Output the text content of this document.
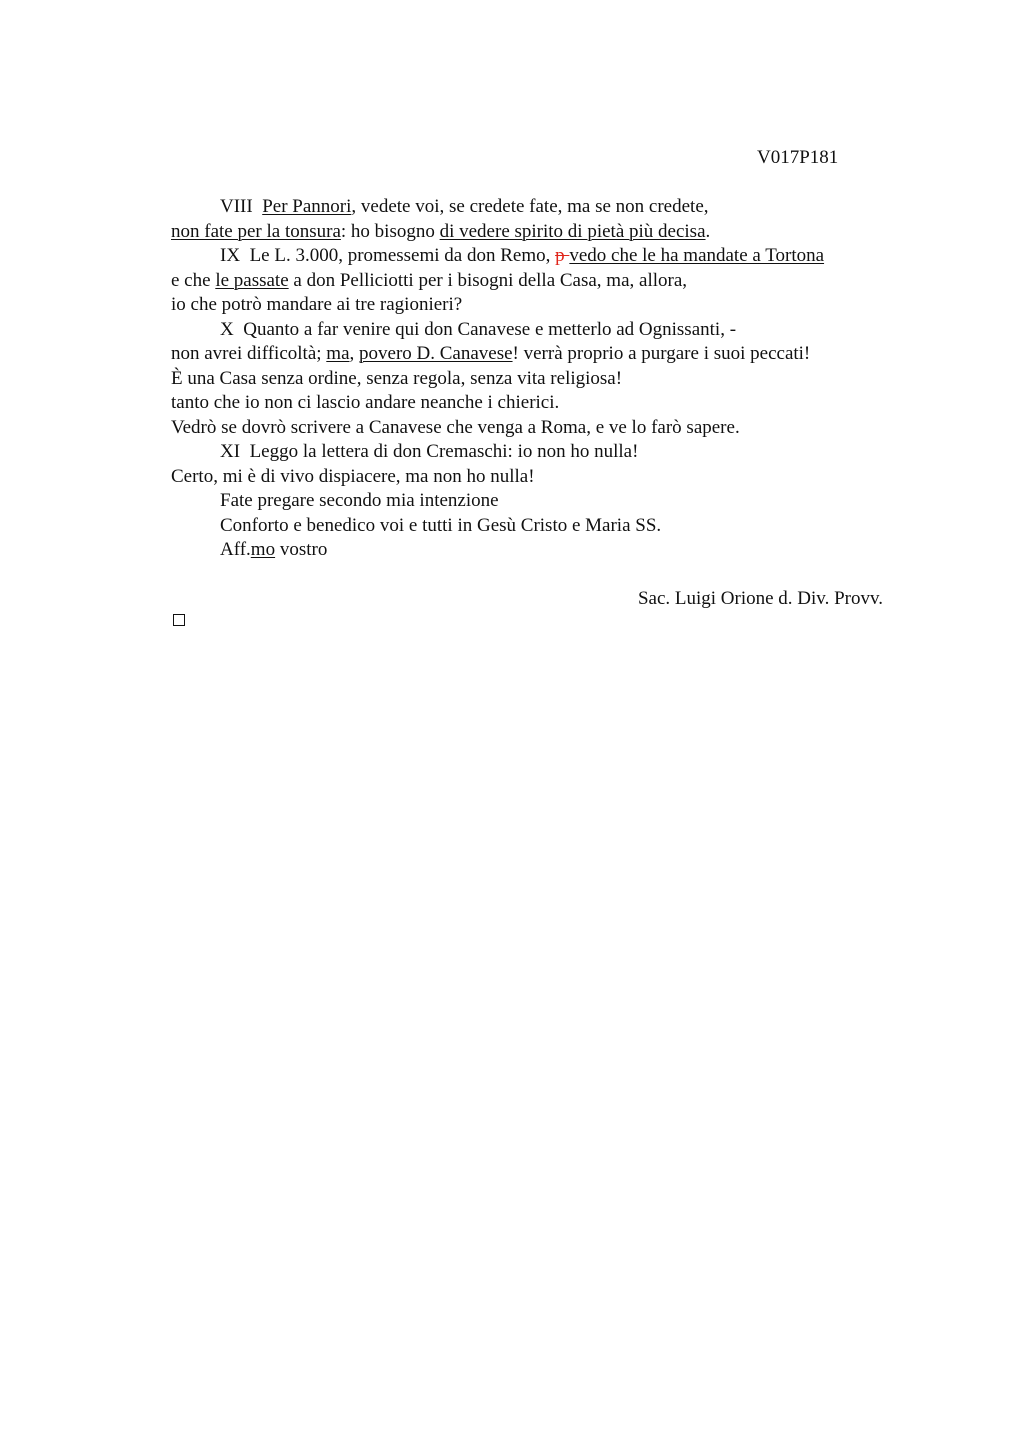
V017P181
VIII Per Pannori, vedete voi, se credete fate, ma se non credete,
non fate per la tonsura: ho bisogno di vedere spirito di pietà più decisa.
IX Le L. 3.000, promessemi da don Remo, p vedo che le ha mandate a Tortona
e che le passate a don Pelliciotti per i bisogni della Casa, ma, allora,
io che potrò mandare ai tre ragionieri?
X Quanto a far venire qui don Canavese e metterlo ad Ognissanti, -
non avrei difficoltà; ma, povero D. Canavese! verrà proprio a purgare i suoi peccati!
È una Casa senza ordine, senza regola, senza vita religiosa!
tanto che io non ci lascio andare neanche i chierici.
Vedrò se dovrò scrivere a Canavese che venga a Roma, e ve lo farò sapere.
XI Leggo la lettera di don Cremaschi: io non ho nulla!
Certo, mi è di vivo dispiacere, ma non ho nulla!
Fate pregare secondo mia intenzione
Conforto e benedico voi e tutti in Gesù Cristo e Maria SS.
Aff.mo vostro
Sac. Luigi Orione d. Div. Provv.
